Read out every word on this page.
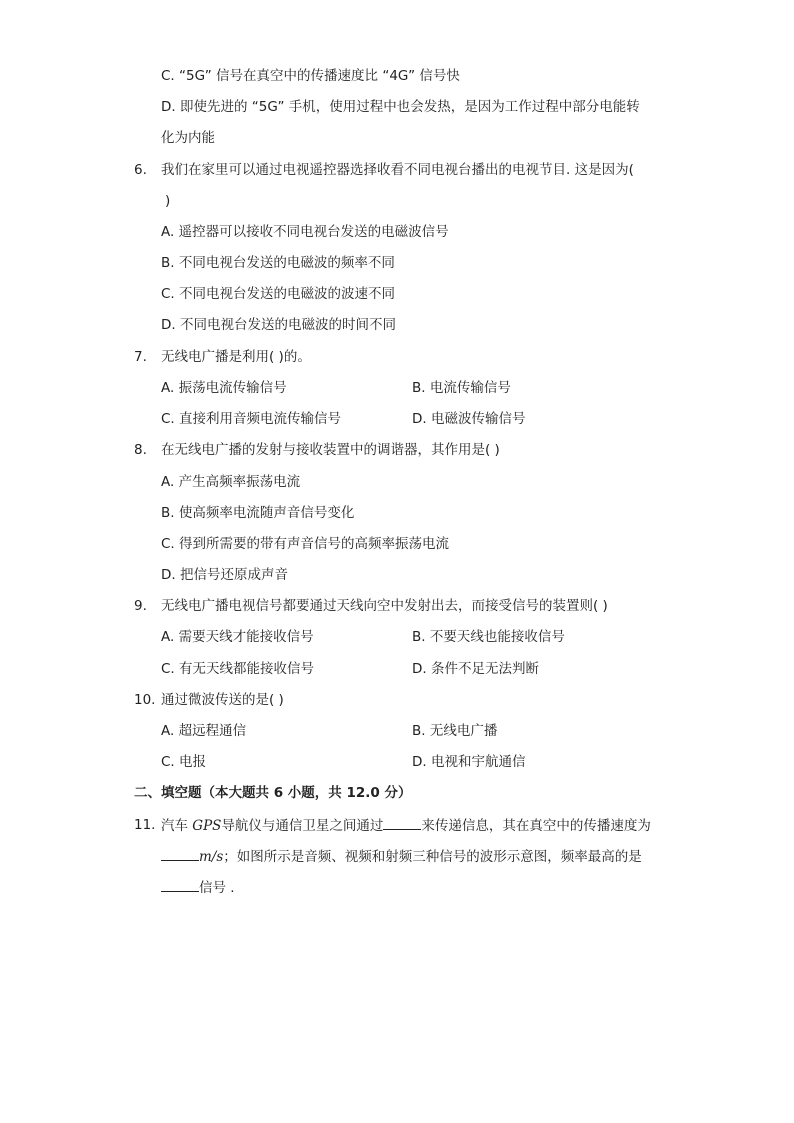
C. “5G” 信号在真空中的传播速度比 “4G” 信号快
D. 即使先进的 “5G” 手机，使用过程中也会发热，是因为工作过程中部分电能转
化为内能
6. 我们在家里可以通过电视遥控器选择收看不同电视台播出的电视节目. 这是因为(
)
A. 遥控器可以接收不同电视台发送的电磁波信号
B. 不同电视台发送的电磁波的频率不同
C. 不同电视台发送的电磁波的波速不同
D. 不同电视台发送的电磁波的时间不同
7. 无线电广播是利用( )的。
A. 振荡电流传输信号	B. 电流传输信号
C. 直接利用音频电流传输信号	D. 电磁波传输信号
8. 在无线电广播的发射与接收装置中的调谐器，其作用是( )
A. 产生高频率振荡电流
B. 使高频率电流随声音信号变化
C. 得到所需要的带有声音信号的高频率振荡电流
D. 把信号还原成声音
9. 无线电广播电视信号都要通过天线向空中发射出去，而接受信号的装置则( )
A. 需要天线才能接收信号	B. 不要天线也能接收信号
C. 有无天线都能接收信号	D. 条件不足无法判断
10. 通过微波传送的是( )
A. 超远程通信	B. 无线电广播
C. 电报	D. 电视和宇航通信
二、填空题（本大题共 6 小题，共 12.0 分）
11. 汽车 GPS导航仪与通信卫星之间通过	来传递信息，其在真空中的传播速度为
m/s；如图所示是音频、视频和射频三种信号的波形示意图，频率最高的是
信号 .
